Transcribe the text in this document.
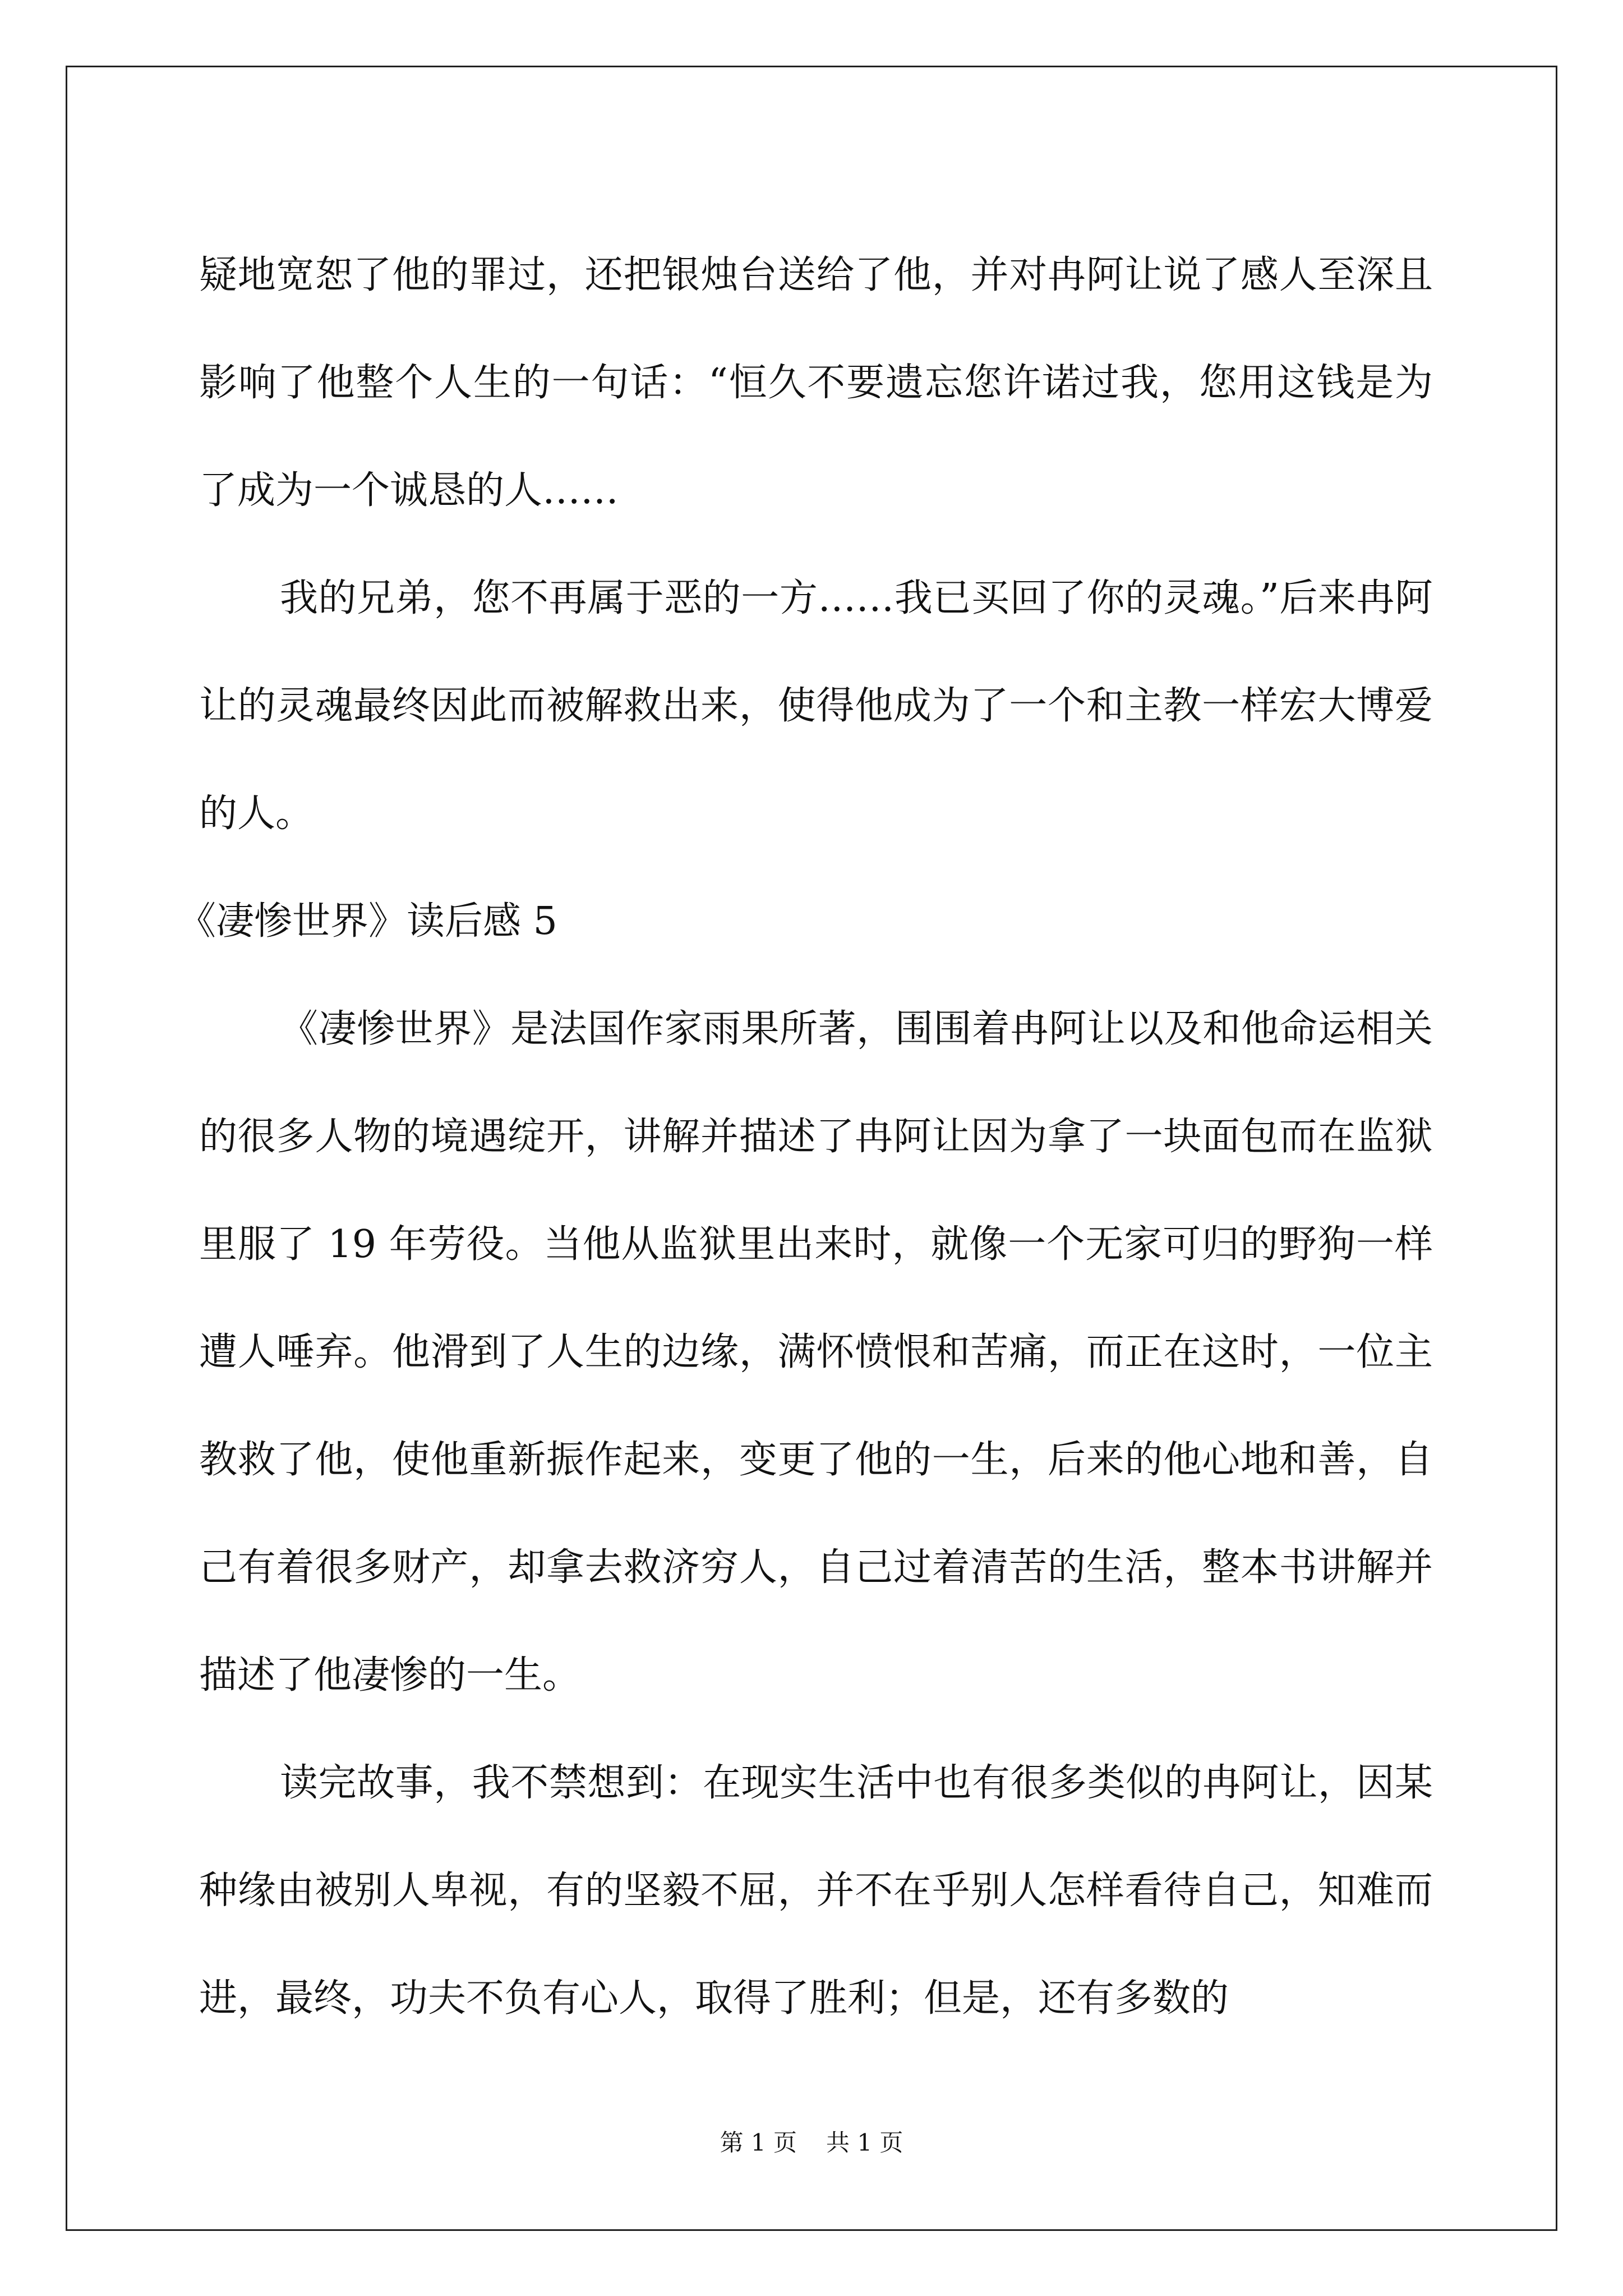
疑地宽恕了他的罪过，还把银烛台送给了他，并对冉阿让说了感人至深且影响了他整个人生的一句话：“恒久不要遗忘您许诺过我，您用这钱是为了成为一个诚恳的人……

我的兄弟，您不再属于恶的一方……我已买回了你的灵魂。”后来冉阿让的灵魂最终因此而被解救出来，使得他成为了一个和主教一样宏大博爱的人。

《凄惨世界》读后感 5

《凄惨世界》是法国作家雨果所著，围围着冉阿让以及和他命运相关的很多人物的境遇绽开，讲解并描述了冉阿让因为拿了一块面包而在监狱里服了 19 年劳役。当他从监狱里出来时，就像一个无家可归的野狗一样遭人唾弃。他滑到了人生的边缘，满怀愤恨和苦痛，而正在这时，一位主教救了他，使他重新振作起来，变更了他的一生，后来的他心地和善，自己有着很多财产，却拿去救济穷人，自己过着清苦的生活，整本书讲解并描述了他凄惨的一生。

读完故事，我不禁想到：在现实生活中也有很多类似的冉阿让，因某种缘由被别人卑视，有的坚毅不屈，并不在乎别人怎样看待自己，知难而进，最终，功夫不负有心人，取得了胜利；但是，还有多数的

第 1 页 共 1 页
